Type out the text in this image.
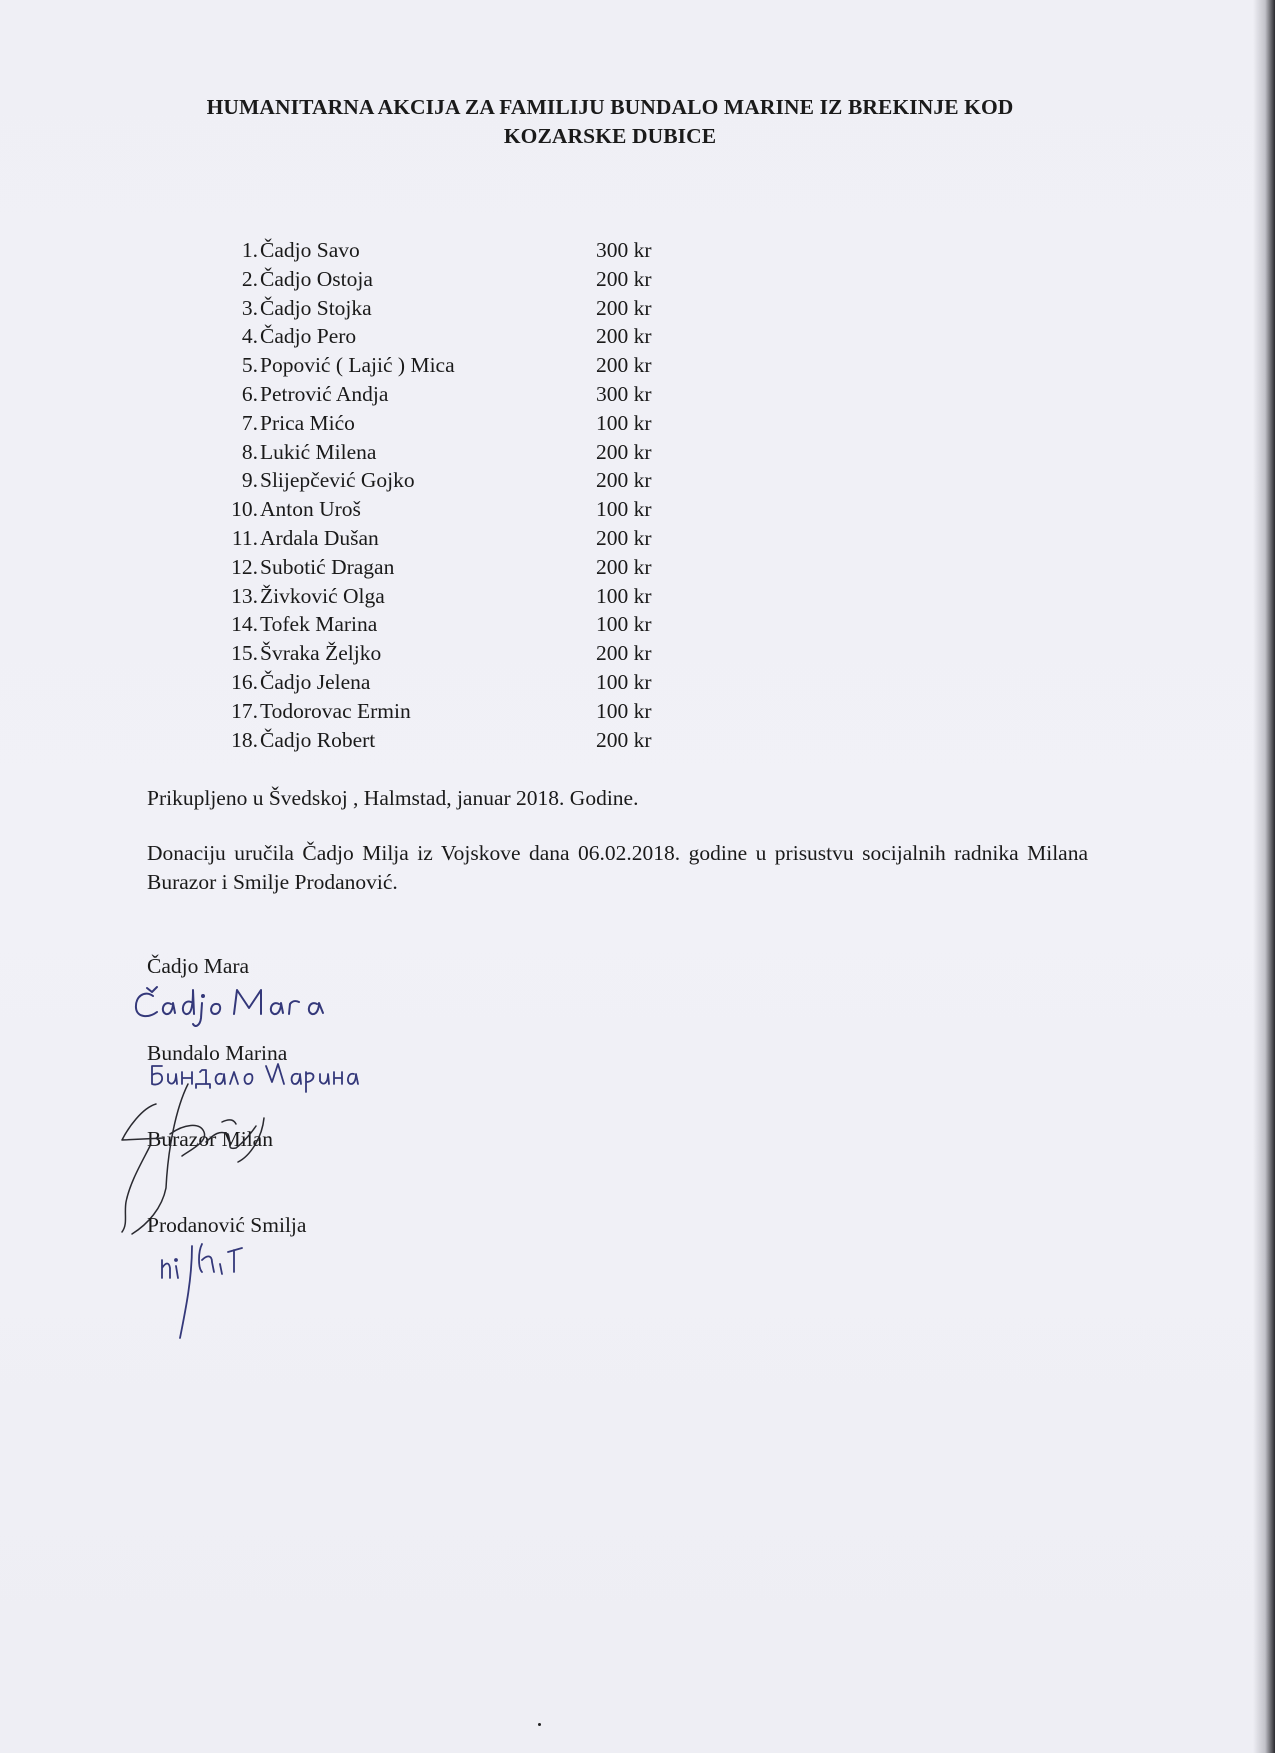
HUMANITARNA AKCIJA ZA FAMILIJU BUNDALO MARINE IZ BREKINJE KOD
KOZARSKE DUBICE
1. Čadjo Savo	300 kr
2. Čadjo Ostoja	200 kr
3. Čadjo Stojka	200 kr
4. Čadjo Pero	200 kr
5. Popović ( Lajić ) Mica	200 kr
6. Petrović Andja	300 kr
7. Prica Mićo	100 kr
8. Lukić Milena	200 kr
9. Slijepčević Gojko	200 kr
10. Anton Uroš	100 kr
11. Ardala Dušan	200 kr
12. Subotić Dragan	200 kr
13. Živković Olga	100 kr
14. Tofek Marina	100 kr
15. Švraka Željko	200 kr
16. Čadjo Jelena	100 kr
17. Todorovac Ermin	100 kr
18. Čadjo Robert	200 kr
Prikupljeno u Švedskoj , Halmstad, januar 2018. Godine.
Donaciju uručila Čadjo Milja iz Vojskove dana 06.02.2018. godine u prisustvu socijalnih radnika Milana Burazor i Smilje Prodanović.
Čadjo Mara
Bundalo Marina
Burazor Milan
Prodanović Smilja
